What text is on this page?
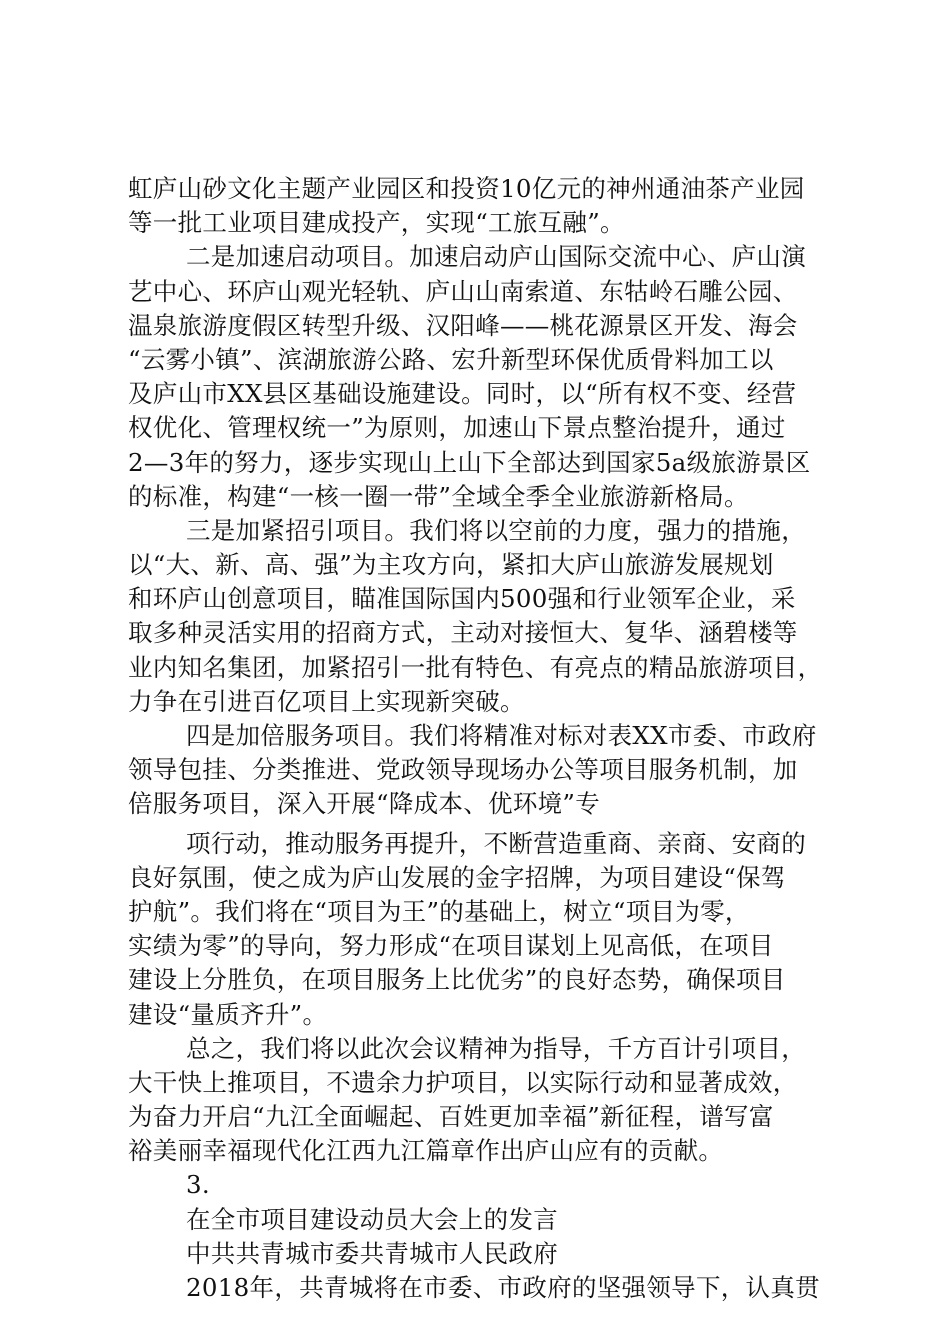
虹庐山砂文化主题产业园区和投资10亿元的神州通油茶产业园
等一批工业项目建成投产，实现“工旅互融”。
二是加速启动项目。加速启动庐山国际交流中心、庐山演
艺中心、环庐山观光轻轨、庐山山南索道、东牯岭石雕公园、
温泉旅游度假区转型升级、汉阳峰——桃花源景区开发、海会
“云雾小镇”、滨湖旅游公路、宏升新型环保优质骨料加工以
及庐山市XX县区基础设施建设。同时，以“所有权不变、经营
权优化、管理权统一”为原则，加速山下景点整治提升，通过
2—3年的努力，逐步实现山上山下全部达到国家5a级旅游景区
的标准，构建“一核一圈一带”全域全季全业旅游新格局。
三是加紧招引项目。我们将以空前的力度，强力的措施，
以“大、新、高、强”为主攻方向，紧扣大庐山旅游发展规划
和环庐山创意项目，瞄准国际国内500强和行业领军企业，采
取多种灵活实用的招商方式，主动对接恒大、复华、涵碧楼等
业内知名集团，加紧招引一批有特色、有亮点的精品旅游项目，
力争在引进百亿项目上实现新突破。
四是加倍服务项目。我们将精准对标对表XX市委、市政府
领导包挂、分类推进、党政领导现场办公等项目服务机制，加
倍服务项目，深入开展“降成本、优环境”专
项行动，推动服务再提升，不断营造重商、亲商、安商的
良好氛围，使之成为庐山发展的金字招牌，为项目建设“保驾
护航”。我们将在“项目为王”的基础上，树立“项目为零，
实绩为零”的导向，努力形成“在项目谋划上见高低，在项目
建设上分胜负，在项目服务上比优劣”的良好态势，确保项目
建设“量质齐升”。
总之，我们将以此次会议精神为指导，千方百计引项目，
大干快上推项目，不遗余力护项目，以实际行动和显著成效，
为奋力开启“九江全面崛起、百姓更加幸福”新征程，谱写富
裕美丽幸福现代化江西九江篇章作出庐山应有的贡献。
3.
在全市项目建设动员大会上的发言
中共共青城市委共青城市人民政府
2018年，共青城将在市委、市政府的坚强领导下，认真贯
